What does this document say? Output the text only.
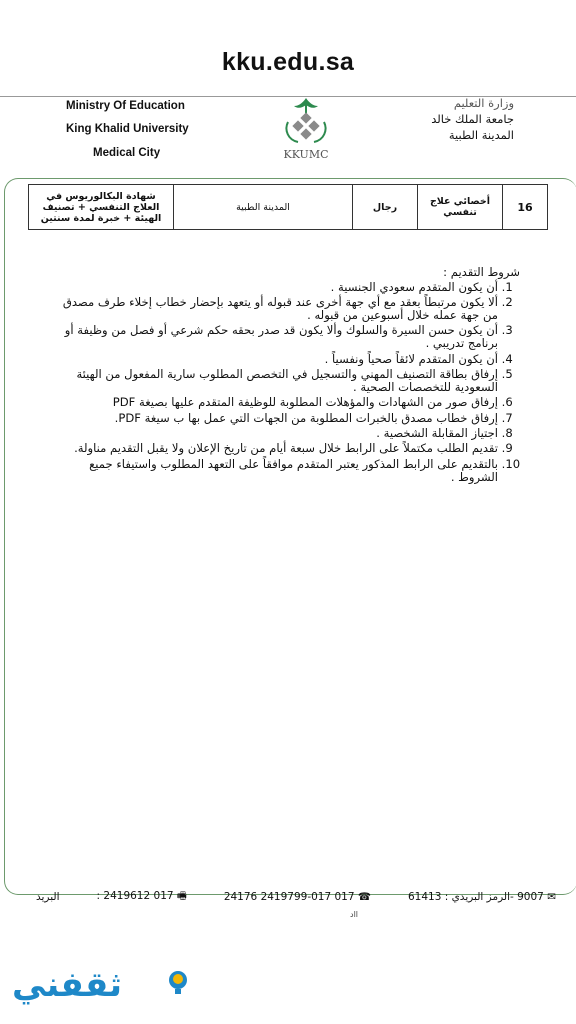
kku.edu.sa
Ministry Of Education
King Khalid University
Medical City
وزارة التعليم
جامعة الملك خالد
المدينة الطبية
KKUMC
16	أخصائي علاج تنفسي	رجال	المدينة الطبية	شهادة البكالوريوس في العلاج التنفسي + تصنيف الهيئة + خبرة لمدة سنتين
شروط التقديم :
1. أن يكون المتقدم سعودي الجنسية .
2. ألا يكون مرتبطاً بعقد مع أي جهة أخرى عند قبوله أو يتعهد بإحضار خطاب إخلاء طرف مصدق من جهة عمله خلال أسبوعين من قبوله .
3. أن يكون حسن السيرة والسلوك وألا يكون قد صدر بحقه حكم شرعي أو فصل من وظيفة أو برنامج تدريبي .
4. أن يكون المتقدم لائقاً صحياً ونفسياً .
5. إرفاق بطاقة التصنيف المهني والتسجيل في التخصص المطلوب سارية المفعول من الهيئة السعودية للتخصصات الصحية .
6. إرفاق صور من الشهادات والمؤهلات المطلوبة للوظيفة المتقدم عليها بصيغة PDF
7. إرفاق خطاب مصدق بالخبرات المطلوبة من الجهات التي عمل بها ب سيغة PDF.
8. اجتياز المقابلة الشخصية .
9. تقديم الطلب مكتملاً على الرابط خلال سبعة أيام من تاريخ الإعلان ولا يقبل التقديم مناولة.
10. بالتقديم على الرابط المذكور يعتبر المتقدم موافقاً على التعهد المطلوب واستيفاء جميع الشروط .
✉ 9007 -الرمز البريدي : 61413
☎ 017 2419799-017 24176
🖷 017 2419612 :
البريد
ااد
ثقفني
